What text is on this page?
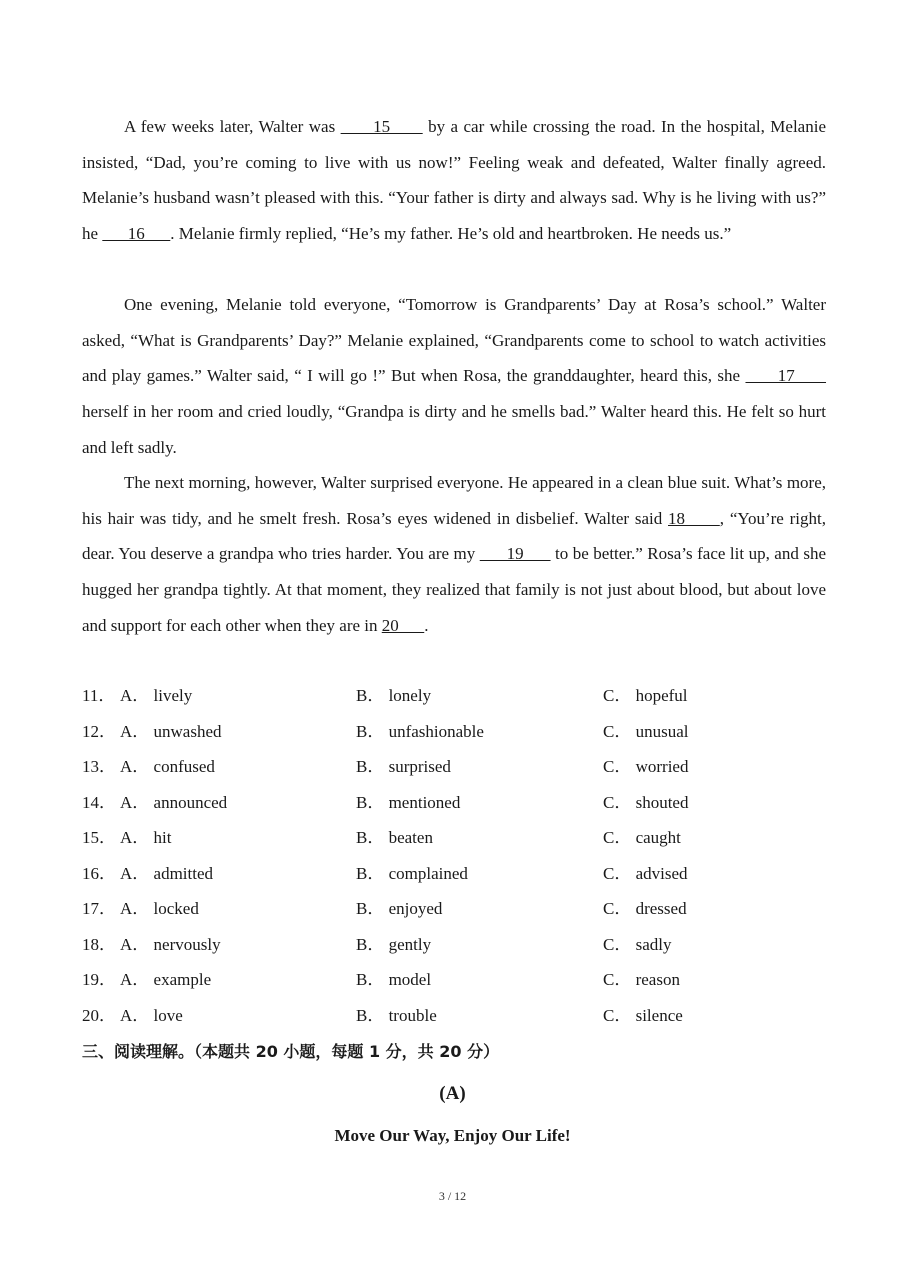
A few weeks later, Walter was       15       by a car while crossing the road. In the hospital, Melanie insisted, “Dad, you’re coming to live with us now!” Feeling weak and defeated, Walter finally agreed. Melanie’s husband wasn’t pleased with this. “Your father is dirty and always sad. Why is he living with us?” he       16      . Melanie firmly replied, “He’s my father. He’s old and heartbroken. He needs us.”

One evening, Melanie told everyone, “Tomorrow is Grandparents’ Day at Rosa’s school.” Walter asked, “What is Grandparents’ Day?” Melanie explained, “Grandparents come to school to watch activities and play games.” Walter said, “ I will go !” But when Rosa, the granddaughter, heard this, she       17       herself in her room and cried loudly, “Grandpa is dirty and he smells bad.” Walter heard this. He felt so hurt and left sadly.

The next morning, however, Walter surprised everyone. He appeared in a clean blue suit. What’s more, his hair was tidy, and he smelt fresh. Rosa’s eyes widened in disbelief. Walter said 18      , “You’re right, dear. You deserve a grandpa who tries harder. You are my       19       to be better.” Rosa’s face lit up, and she hugged her grandpa tightly. At that moment, they realized that family is not just about blood, but about love and support for each other when they are in 20      .

11． A． lively	B． lonely	C． hopeful
12． A． unwashed	B． unfashionable	C． unusual
13． A． confused	B． surprised	C． worried
14． A． announced	B． mentioned	C． shouted
15． A． hit	B． beaten	C． caught
16． A． admitted	B． complained	C． advised
17． A． locked	B． enjoyed	C． dressed
18． A． nervously	B． gently	C． sadly
19． A． example	B． model	C． reason
20． A． love	B． trouble	C． silence
三、阅读理解。（本题共 20 小题，每题 1 分，共 20 分）
(A)
Move Our Way, Enjoy Our Life!
3 / 12
